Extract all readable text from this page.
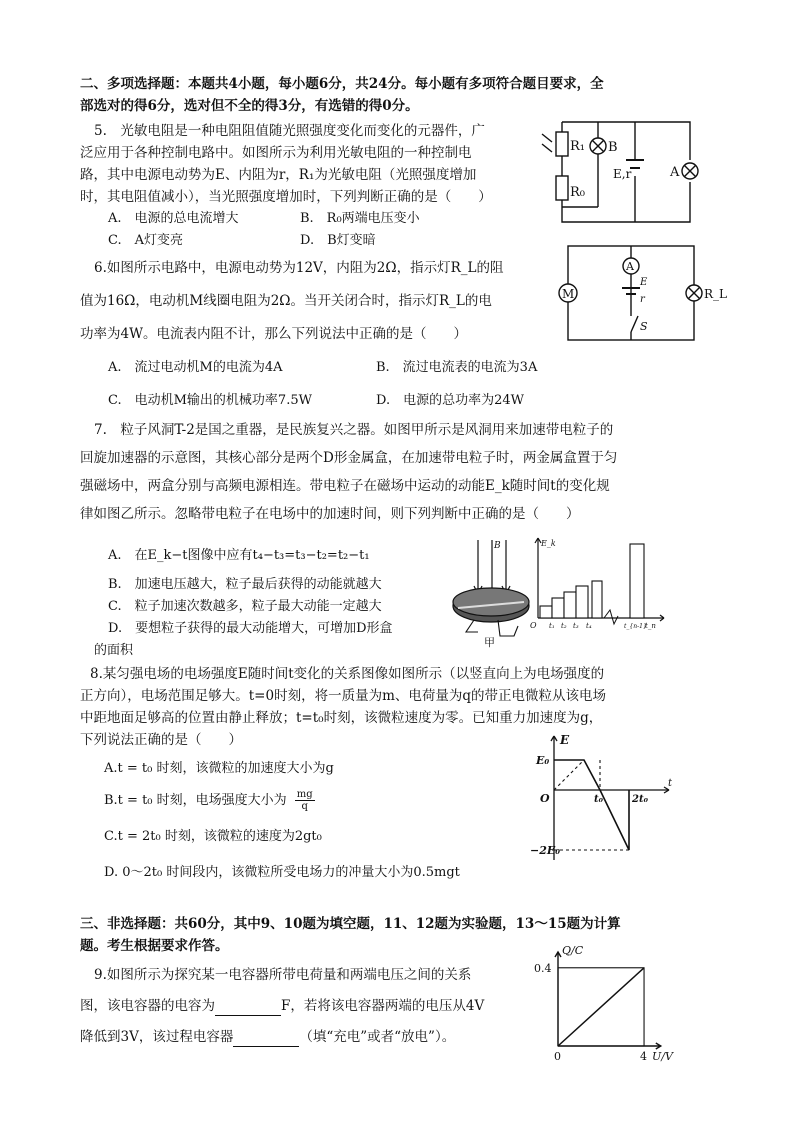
二、多项选择题：本题共4小题，每小题6分，共24分。每小题有多项符合题目要求，全
部选对的得6分，选对但不全的得3分，有选错的得0分。
5.　光敏电阻是一种电阻阻值随光照强度变化而变化的元器件，广
泛应用于各种控制电路中。如图所示为利用光敏电阻的一种控制电
路，其中电源电动势为E、内阻为r，R₁为光敏电阻（光照强度增加
时，其电阻值减小），当光照强度增加时，下列判断正确的是（　　）
A.　电源的总电流增大	B.　R₀两端电压变小
C.　A灯变亮	D.　B灯变暗
R₁ B
E,r	A
R₀
6.如图所示电路中，电源电动势为12V，内阻为2Ω，指示灯R_L的阻
值为16Ω，电动机M线圈电阻为2Ω。当开关闭合时，指示灯R_L的电
功率为4W。电流表内阻不计，那么下列说法中正确的是（　　）
A.　流过电动机M的电流为4A	B.　流过电流表的电流为3A
C.　电动机M输出的机械功率7.5W	D.　电源的总功率为24W
A
M
E
r
S
R_L
7.　粒子风洞T-2是国之重器，是民族复兴之器。如图甲所示是风洞用来加速带电粒子的
回旋加速器的示意图，其核心部分是两个D形金属盒，在加速带电粒子时，两金属盒置于匀
强磁场中，两盒分别与高频电源相连。带电粒子在磁场中运动的动能E_k随时间t的变化规
律如图乙所示。忽略带电粒子在电场中的加速时间，则下列判断中正确的是（　　）
A.　在E_k−t图像中应有t₄−t₃=t₃−t₂=t₂−t₁
B.　加速电压越大，粒子最后获得的动能就越大
C.　粒子加速次数越多，粒子最大动能一定越大
D.　要想粒子获得的最大动能增大，可增加D形盒
的面积
B
甲
E_k
O t₁ t₂ t₃ t₄	t_{n-1}
t_n
8.某匀强电场的电场强度E随时间t变化的关系图像如图所示（以竖直向上为电场强度的
正方向），电场范围足够大。t=0时刻，将一质量为m、电荷量为q的带正电微粒从该电场
中距地面足够高的位置由静止释放；t=t₀时刻，该微粒速度为零。已知重力加速度为g，
下列说法正确的是（　　）
A.t = t₀ 时刻，该微粒的加速度大小为g
B.t = t₀ 时刻，电场强度大小为 $\frac{mg}{q}$
C.t = 2t₀ 时刻，该微粒的速度为2gt₀
D. 0～2t₀ 时间段内，该微粒所受电场力的冲量大小为0.5mgt
E
E₀
O	t₀	2t₀
t
−2E₀
三、非选择题：共60分，其中9、10题为填空题，11、12题为实验题，13～15题为计算
题。考生根据要求作答。
9.如图所示为探究某一电容器所带电荷量和两端电压之间的关系
图，该电容器的电容为	F，若将该电容器两端的电压从4V
降低到3V，该过程电容器	（填“充电”或者“放电”）。
0	4
0.4
U/V
Q/C
